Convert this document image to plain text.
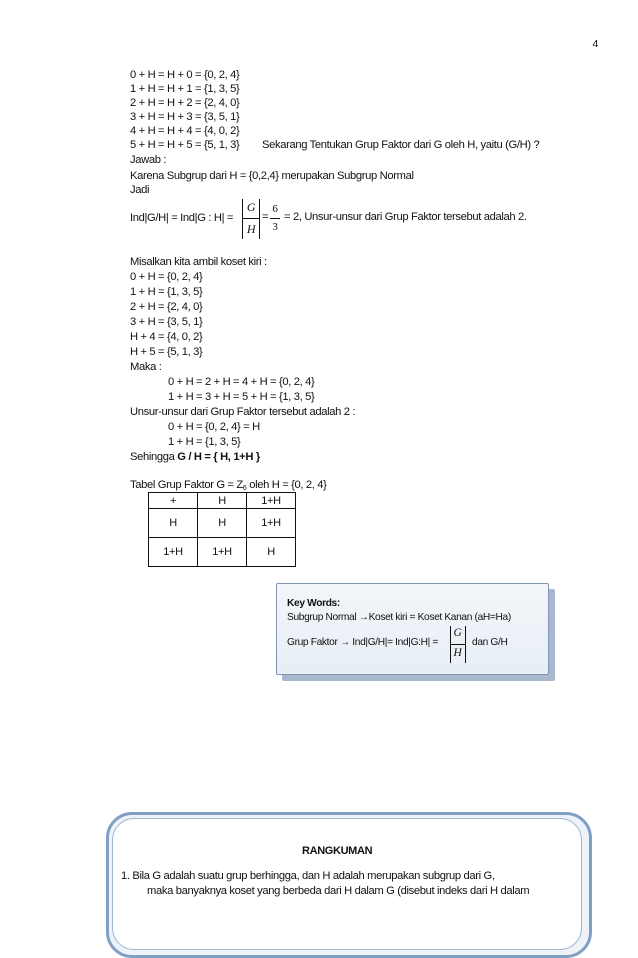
4
0 + H = H + 0 = {0, 2, 4}
1 + H = H + 1 = {1, 3, 5}
2 + H = H + 2 = {2, 4, 0}
3 + H = H + 3 = {3, 5, 1}
4 + H = H + 4 = {4, 0, 2}
5 + H = H + 5 = {5, 1, 3} Sekarang Tentukan Grup Faktor dari G oleh H, yaitu (G/H) ?
Jawab :
Karena Subgrup dari H = {0,2,4} merupakan Subgrup Normal
Jadi
Ind|G/H| = Ind|G : H| =
G
H
=
6
3
= 2, Unsur-unsur dari Grup Faktor tersebut adalah 2.
Misalkan kita ambil koset kiri :
0 + H = {0, 2, 4}
1 + H = {1, 3, 5}
2 + H = {2, 4, 0}
3 + H = {3, 5, 1}
H + 4 = {4, 0, 2}
H + 5 = {5, 1, 3}
Maka :
0 + H = 2 + H = 4 + H = {0, 2, 4}
1 + H = 3 + H = 5 + H = {1, 3, 5}
Unsur-unsur dari Grup Faktor tersebut adalah 2 :
0 + H = {0, 2, 4} = H
1 + H = {1, 3, 5}
Sehingga G / H = { H, 1+H }
Tabel Grup Faktor $G = Z_6$ oleh H = {0, 2, 4}
+	H	1+H
H	H	1+H
1+H	1+H	H
Key Words:
Subgrup Normal →Koset kiri = Koset Kanan (aH=Ha)
Grup Faktor → Ind|G/H|= Ind|G:H| =
G
H
dan G/H
RANGKUMAN
1. Bila G adalah suatu grup berhingga, dan H adalah merupakan subgrup dari G,
maka banyaknya koset yang berbeda dari H dalam G (disebut indeks dari H dalam
